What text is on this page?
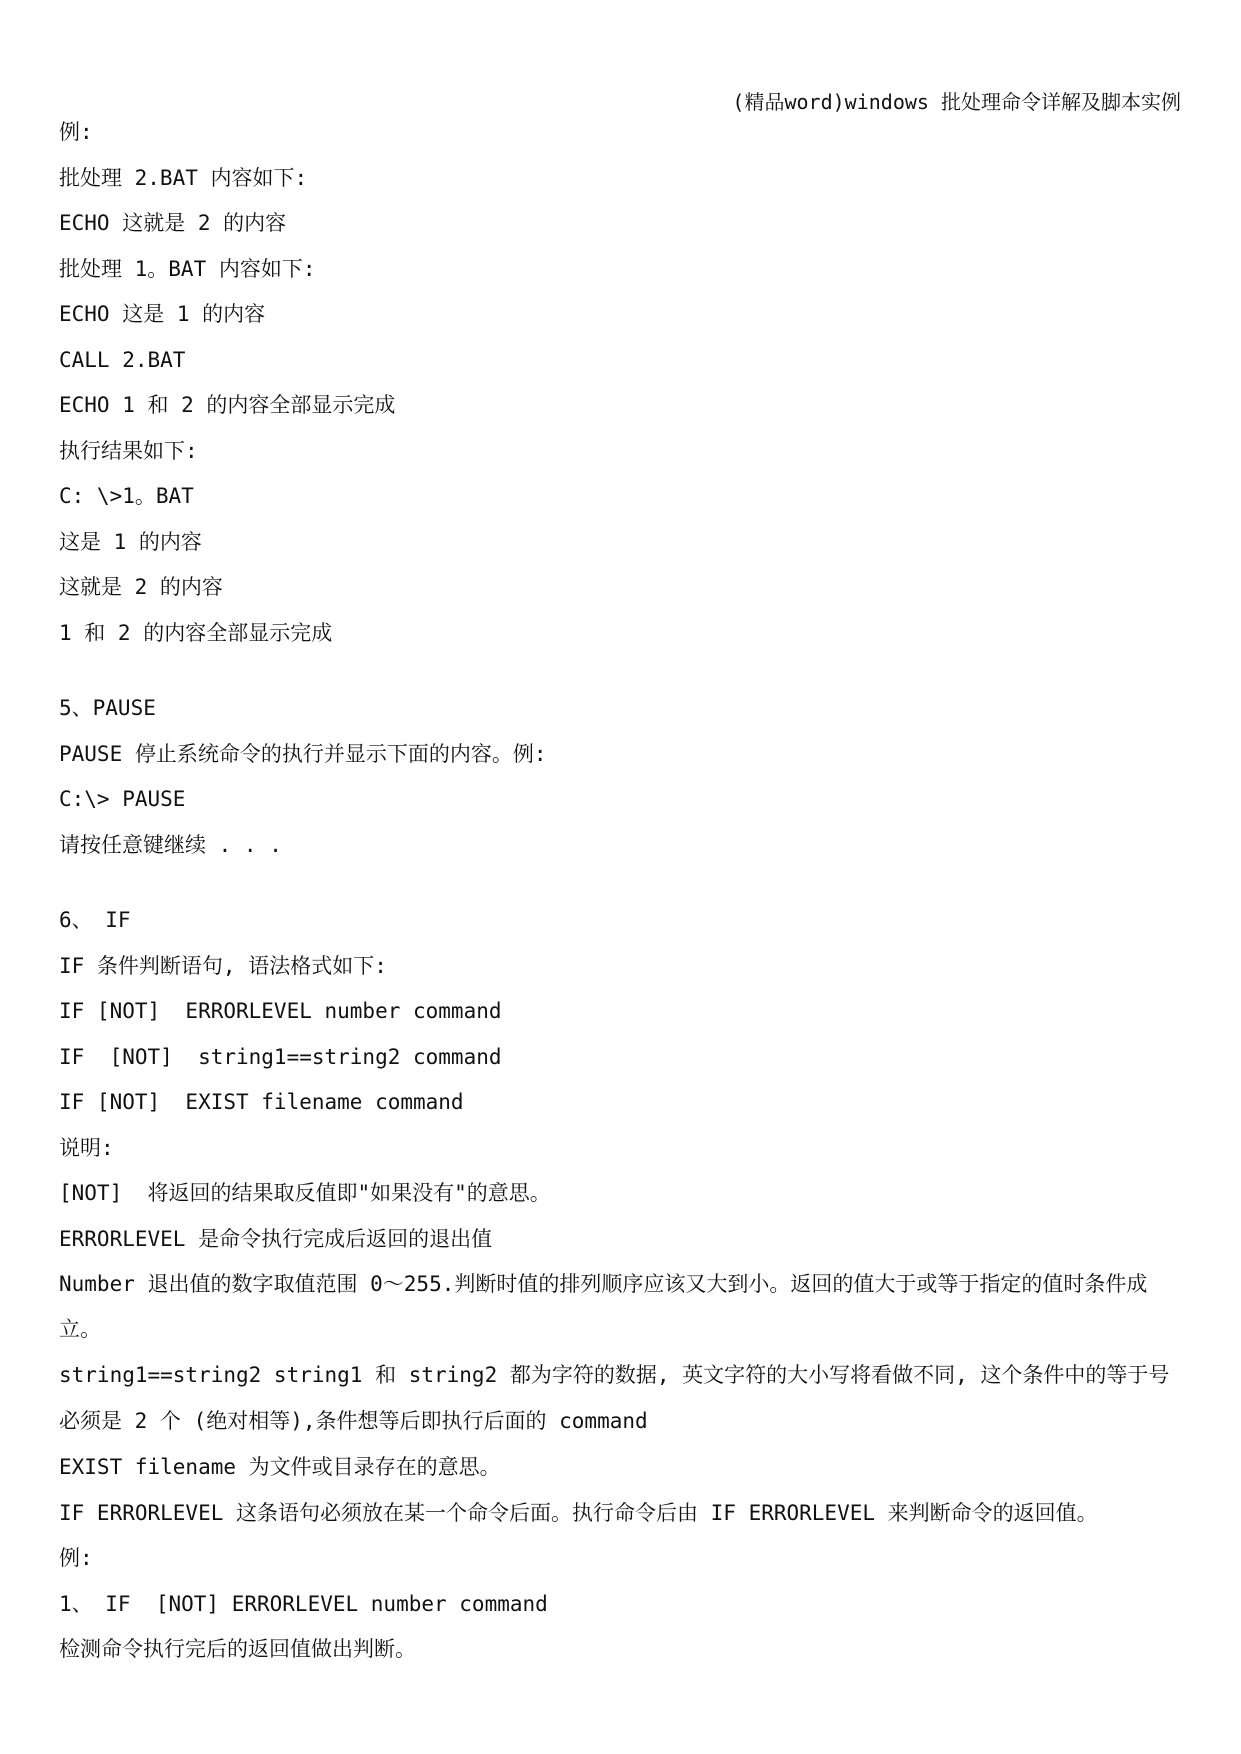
(精品word)windows 批处理命令详解及脚本实例
例:
批处理 2.BAT 内容如下:
ECHO 这就是 2 的内容
批处理 1。BAT 内容如下:
ECHO 这是 1 的内容
CALL 2.BAT
ECHO 1 和 2 的内容全部显示完成
执行结果如下:
C: \>1。BAT
这是 1 的内容
这就是 2 的内容
1 和 2 的内容全部显示完成
5、PAUSE
PAUSE 停止系统命令的执行并显示下面的内容。例:
C:\> PAUSE
请按任意键继续 . . .
6、 IF
IF 条件判断语句, 语法格式如下:
IF [NOT]  ERRORLEVEL number command
IF  [NOT]  string1==string2 command
IF [NOT]  EXIST filename command
说明:
[NOT]  将返回的结果取反值即"如果没有"的意思。
ERRORLEVEL 是命令执行完成后返回的退出值
Number 退出值的数字取值范围 0～255.判断时值的排列顺序应该又大到小。返回的值大于或等于指定的值时条件成立。
string1==string2 string1 和 string2 都为字符的数据, 英文字符的大小写将看做不同, 这个条件中的等于号必须是 2 个 (绝对相等),条件想等后即执行后面的 command
EXIST filename 为文件或目录存在的意思。
IF ERRORLEVEL 这条语句必须放在某一个命令后面。执行命令后由 IF ERRORLEVEL 来判断命令的返回值。
例:
1、 IF  [NOT] ERRORLEVEL number command
检测命令执行完后的返回值做出判断。
